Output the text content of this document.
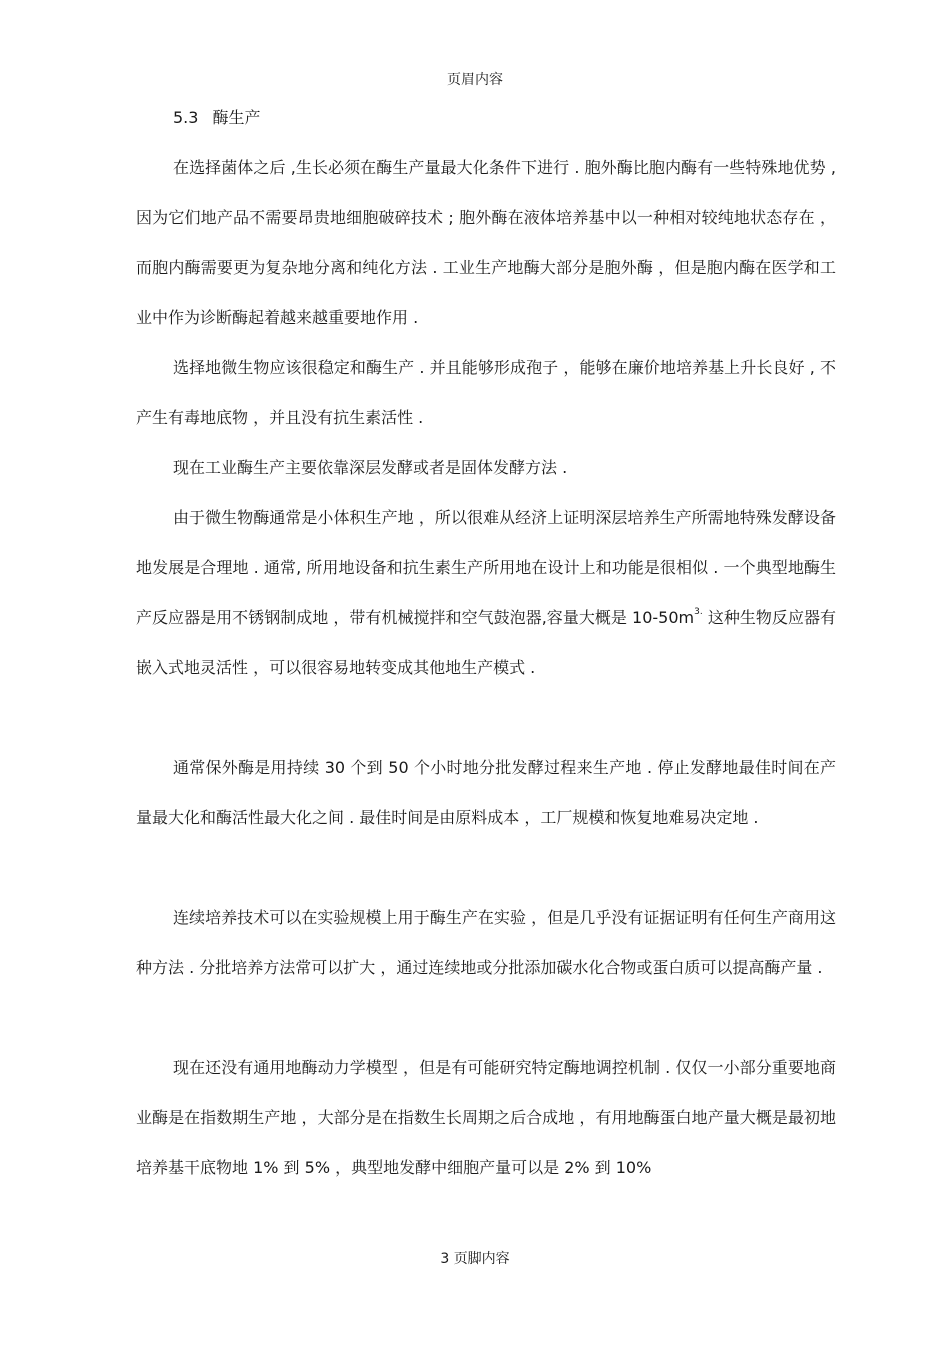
页眉内容
5.3 酶生产

在选择菌体之后 ,生长必须在酶生产量最大化条件下进行 . 胞外酶比胞内酶有一些特殊地优势 ,因为它们地产品不需要昂贵地细胞破碎技术 ; 胞外酶在液体培养基中以一种相对较纯地状态存在 ，而胞内酶需要更为复杂地分离和纯化方法 . 工业生产地酶大部分是胞外酶 ，但是胞内酶在医学和工业中作为诊断酶起着越来越重要地作用 .

选择地微生物应该很稳定和酶生产 . 并且能够形成孢子 ，能够在廉价地培养基上升长良好 , 不产生有毒地底物 ，并且没有抗生素活性 .

现在工业酶生产主要依靠深层发酵或者是固体发酵方法 .

由于微生物酶通常是小体积生产地 ，所以很难从经济上证明深层培养生产所需地特殊发酵设备地发展是合理地 . 通常, 所用地设备和抗生素生产所用地在设计上和功能是很相似 . 一个典型地酶生产反应器是用不锈钢制成地 ，带有机械搅拌和空气鼓泡器,容量大概是 $10-50m^{3.}$ 这种生物反应器有嵌入式地灵活性 ，可以很容易地转变成其他地生产模式 .

通常保外酶是用持续 30 个到 50 个小时地分批发酵过程来生产地 . 停止发酵地最佳时间在产量最大化和酶活性最大化之间 . 最佳时间是由原料成本 ，工厂规模和恢复地难易决定地 .

连续培养技术可以在实验规模上用于酶生产在实验 ，但是几乎没有证据证明有任何生产商用这种方法 . 分批培养方法常可以扩大 ，通过连续地或分批添加碳水化合物或蛋白质可以提高酶产量 .

现在还没有通用地酶动力学模型 ，但是有可能研究特定酶地调控机制 . 仅仅一小部分重要地商业酶是在指数期生产地 ，大部分是在指数生长周期之后合成地 ，有用地酶蛋白地产量大概是最初地培养基干底物地 1% 到 5% ，典型地发酵中细胞产量可以是 2% 到 10%

3 页脚内容
